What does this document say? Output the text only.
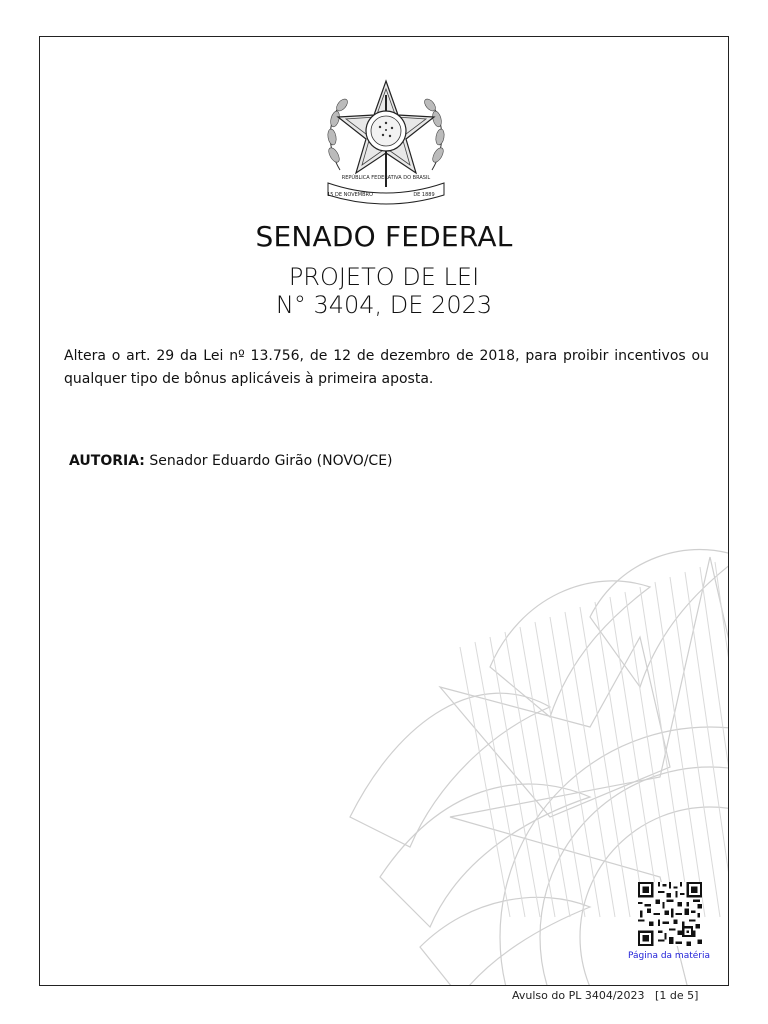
REPÚBLICA FEDERATIVA DO BRASIL
15 DE NOVEMBRO	DE 1889
SENADO FEDERAL
PROJETO DE LEI
N° 3404, DE 2023
Altera o art. 29 da Lei nº 13.756, de 12 de dezembro de 2018, para proibir incentivos ou qualquer tipo de bônus aplicáveis à primeira aposta.
AUTORIA: Senador Eduardo Girão (NOVO/CE)
Página da matéria
Avulso do PL 3404/2023 [1 de 5]
